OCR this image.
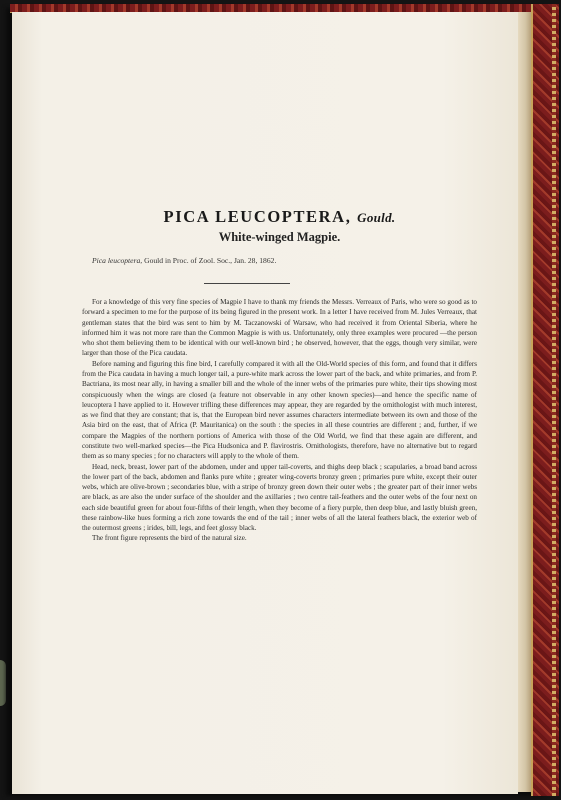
PICA LEUCOPTERA, Gould.
White-winged Magpie.
Pica leucoptera, Gould in Proc. of Zool. Soc., Jan. 28, 1862.

For a knowledge of this very fine species of Magpie I have to thank my friends the Messrs. Verreaux of Paris, who were so good as to forward a specimen to me for the purpose of its being figured in the present work. In a letter I have received from M. Jules Verreaux, that gentleman states that the bird was sent to him by M. Taczanowski of Warsaw, who had received it from Oriental Siberia, where he informed him it was not more rare than the Common Magpie is with us. Unfortunately, only three examples were procured —the person who shot them believing them to be identical with our well-known bird ; he observed, however, that the eggs, though very similar, were larger than those of the Pica caudata.

Before naming and figuring this fine bird, I carefully compared it with all the Old-World species of this form, and found that it differs from the Pica caudata in having a much longer tail, a pure-white mark across the lower part of the back, and white primaries, and from P. Bactriana, its most near ally, in having a smaller bill and the whole of the inner webs of the primaries pure white, their tips showing most conspicuously when the wings are closed (a feature not observable in any other known species)—and hence the specific name of leucoptera I have applied to it. However trifling these differences may appear, they are regarded by the ornithologist with much interest, as we find that they are constant; that is, that the European bird never assumes characters intermediate between its own and those of the Asia bird on the east, that of Africa (P. Mauritanica) on the south : the species in all these countries are different ; and, further, if we compare the Magpies of the northern portions of America with those of the Old World, we find that these again are different, and constitute two well-marked species—the Pica Hudsonica and P. flavirostris. Ornithologists, therefore, have no alternative but to regard them as so many species ; for no characters will apply to the whole of them.

Head, neck, breast, lower part of the abdomen, under and upper tail-coverts, and thighs deep black ; scapularies, a broad band across the lower part of the back, abdomen and flanks pure white ; greater wing-coverts bronzy green ; primaries pure white, except their outer webs, which are olive-brown ; secondaries blue, with a stripe of bronzy green down their outer webs ; the greater part of their inner webs are black, as are also the under surface of the shoulder and the axillaries ; two centre tail-feathers and the outer webs of the four next on each side beautiful green for about four-fifths of their length, when they become of a fiery purple, then deep blue, and lastly bluish green, these rainbow-like hues forming a rich zone towards the end of the tail ; inner webs of all the lateral feathers black, the exterior web of the outermost greens ; irides, bill, legs, and feet glossy black.

The front figure represents the bird of the natural size.
